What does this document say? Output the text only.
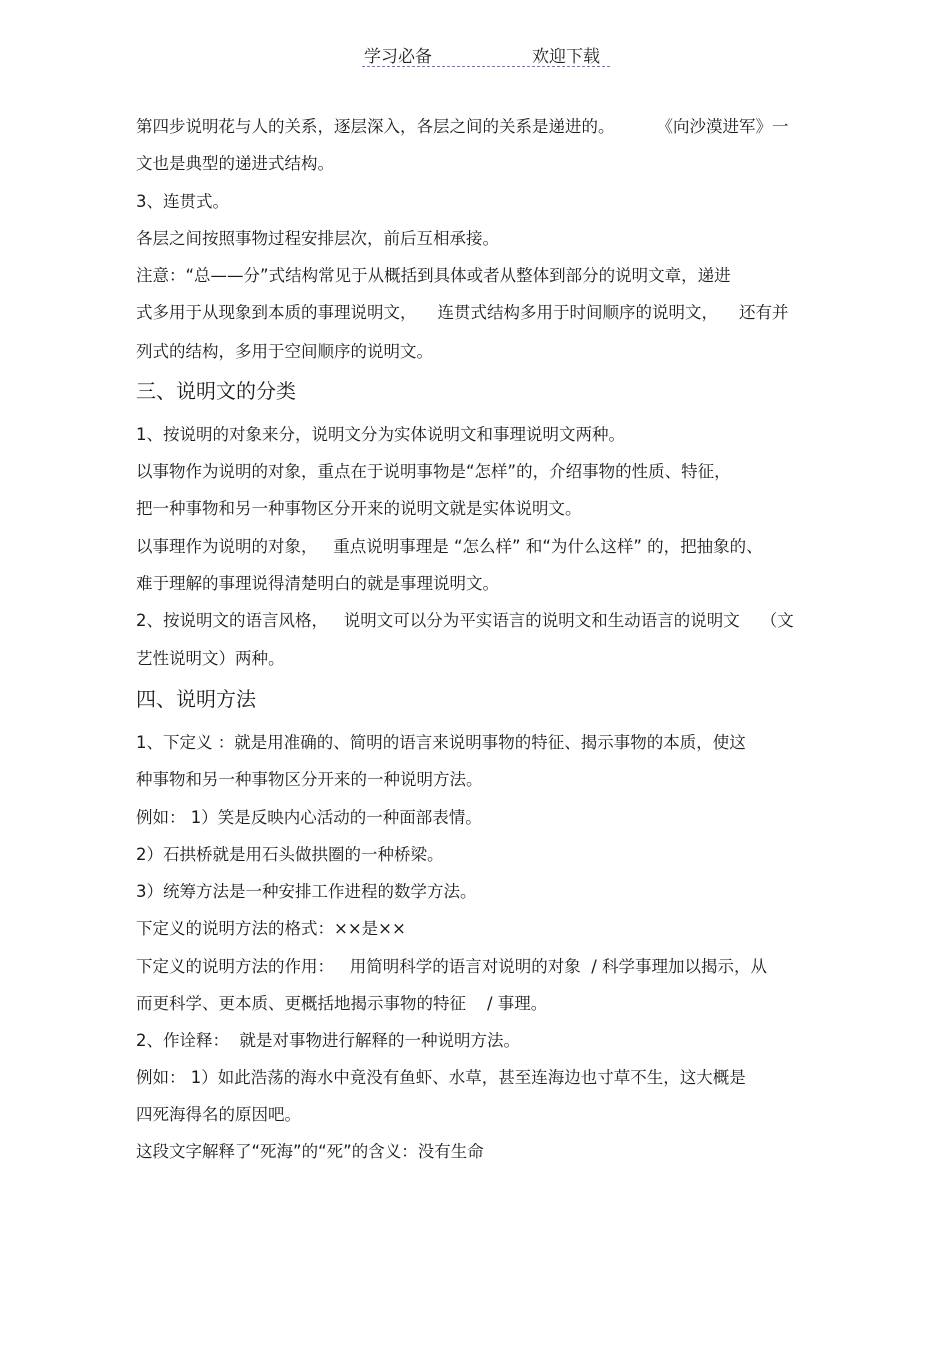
学习必备	欢迎下载
第四步说明花与人的关系，逐层深入，各层之间的关系是递进的。        《向沙漠进军》一
文也是典型的递进式结构。
3、连贯式。
各层之间按照事物过程安排层次，前后互相承接。
注意：“总——分”式结构常见于从概括到具体或者从整体到部分的说明文章，递进
式多用于从现象到本质的事理说明文，    连贯式结构多用于时间顺序的说明文，    还有并
列式的结构，多用于空间顺序的说明文。
三、说明文的分类
1、按说明的对象来分，说明文分为实体说明文和事理说明文两种。
以事物作为说明的对象，重点在于说明事物是“怎样”的，介绍事物的性质、特征，
把一种事物和另一种事物区分开来的说明文就是实体说明文。
以事理作为说明的对象，   重点说明事理是 “怎么样” 和“为什么这样” 的，把抽象的、
难于理解的事理说得清楚明白的就是事理说明文。
2、按说明文的语言风格，   说明文可以分为平实语言的说明文和生动语言的说明文    （文
艺性说明文）两种。
四、说明方法
1、下定义 ：就是用准确的、简明的语言来说明事物的特征、揭示事物的本质，使这
种事物和另一种事物区分开来的一种说明方法。
例如： 1）笑是反映内心活动的一种面部表情。
2）石拱桥就是用石头做拱圈的一种桥梁。
3）统筹方法是一种安排工作进程的数学方法。
下定义的说明方法的格式：××是××
下定义的说明方法的作用：   用简明科学的语言对说明的对象  / 科学事理加以揭示，从
而更科学、更本质、更概括地揭示事物的特征    / 事理。
2、作诠释：  就是对事物进行解释的一种说明方法。
例如： 1）如此浩荡的海水中竟没有鱼虾、水草，甚至连海边也寸草不生，这大概是
四死海得名的原因吧。
这段文字解释了“死海”的“死”的含义：没有生命
